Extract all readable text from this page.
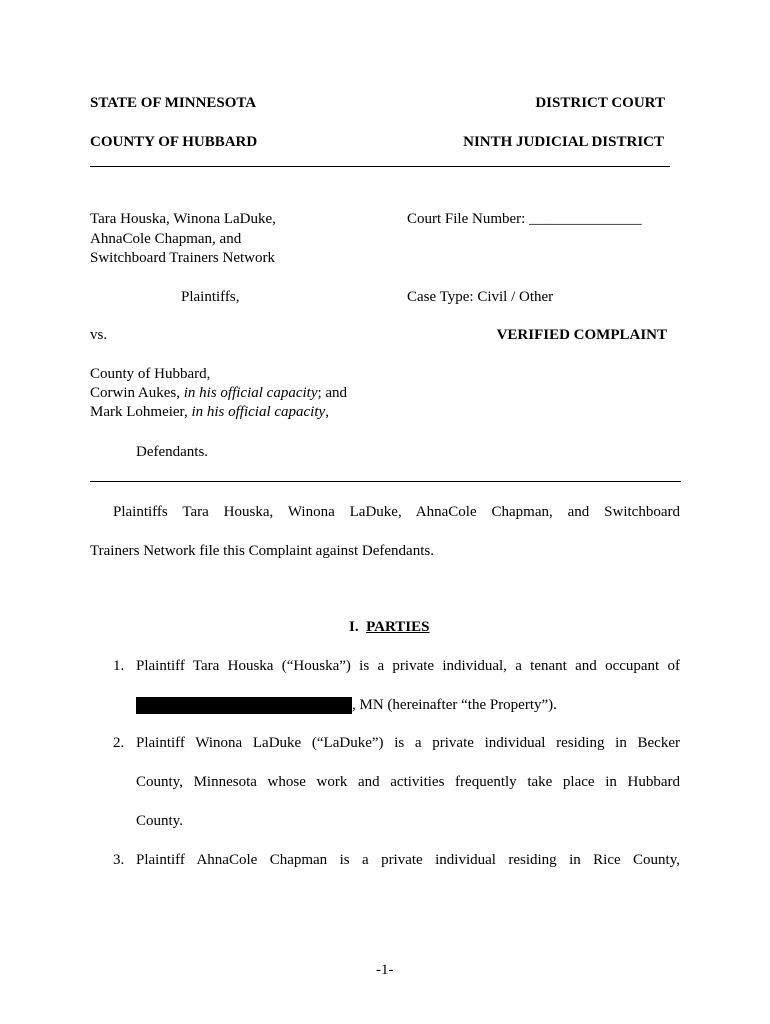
STATE OF MINNESOTA	DISTRICT COURT
COUNTY OF HUBBARD	NINTH JUDICIAL DISTRICT
Tara Houska, Winona LaDuke,
AhnaCole Chapman, and
Switchboard Trainers Network
Plaintiffs,
vs.
County of Hubbard,
Corwin Aukes, in his official capacity; and
Mark Lohmeier, in his official capacity,
Defendants.
Court File Number: _______________
Case Type: Civil / Other
VERIFIED COMPLAINT
Plaintiffs Tara Houska, Winona LaDuke, AhnaCole Chapman, and Switchboard
Trainers Network file this Complaint against Defendants.
I. PARTIES
1. Plaintiff Tara Houska (“Houska”) is a private individual, a tenant and occupant of
, MN (hereinafter “the Property”).
2. Plaintiff Winona LaDuke (“LaDuke”) is a private individual residing in Becker
County, Minnesota whose work and activities frequently take place in Hubbard
County.
3. Plaintiff AhnaCole Chapman is a private individual residing in Rice County,
-1-
